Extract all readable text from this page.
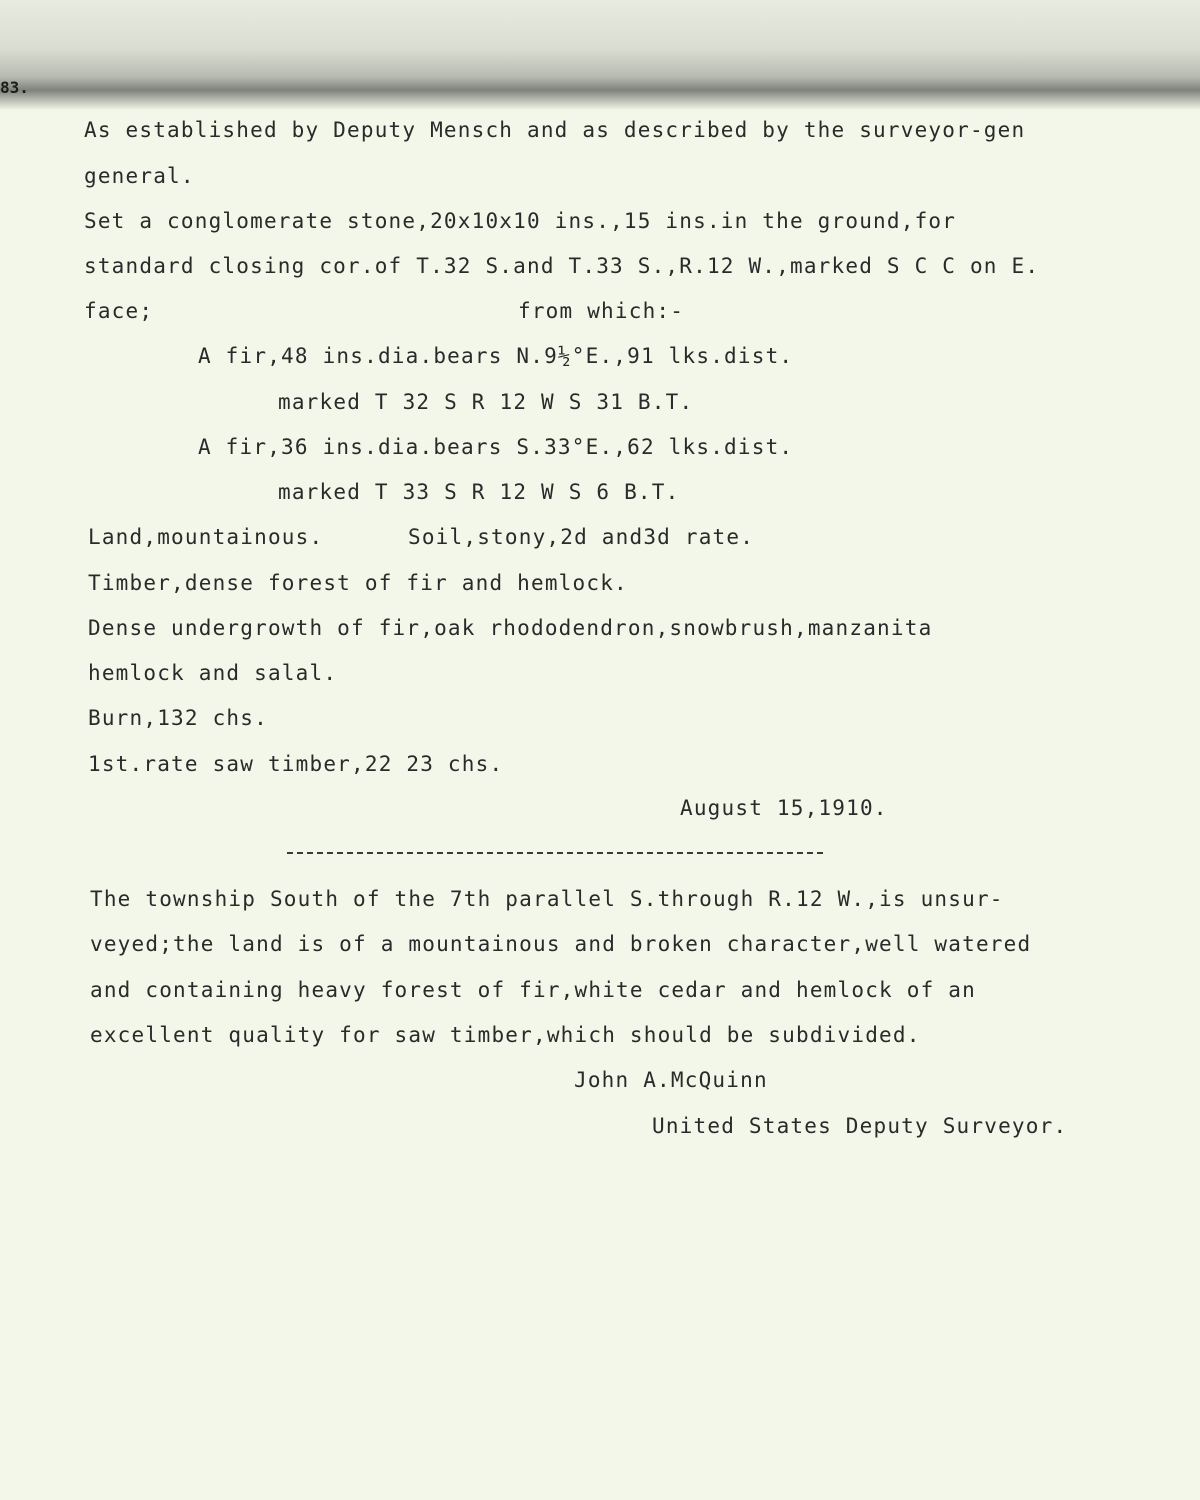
83.
As established by Deputy Mensch and as described by the surveyor-gen
general.
Set a conglomerate stone,20x10x10 ins.,15 ins.in the ground,for
standard closing cor.of T.32 S.and T.33 S.,R.12 W.,marked S C C on E.
face;	from which:-
A fir,48 ins.dia.bears N.9½°E.,91 lks.dist.
marked T 32 S R 12 W S 31 B.T.
A fir,36 ins.dia.bears S.33°E.,62 lks.dist.
marked T 33 S R 12 W S 6 B.T.
Land,mountainous.	Soil,stony,2d and3d rate.
Timber,dense forest of fir and hemlock.
Dense undergrowth of fir,oak rhododendron,snowbrush,manzanita
hemlock and salal.
Burn,132 chs.
1st.rate saw timber,22 23 chs.
August 15,1910.
The township South of the 7th parallel S.through R.12 W.,is unsur-
veyed;the land is of a mountainous and broken character,well watered
and containing heavy forest of fir,white cedar and hemlock of an
excellent quality for saw timber,which should be subdivided.
John A.McQuinn
United States Deputy Surveyor.
